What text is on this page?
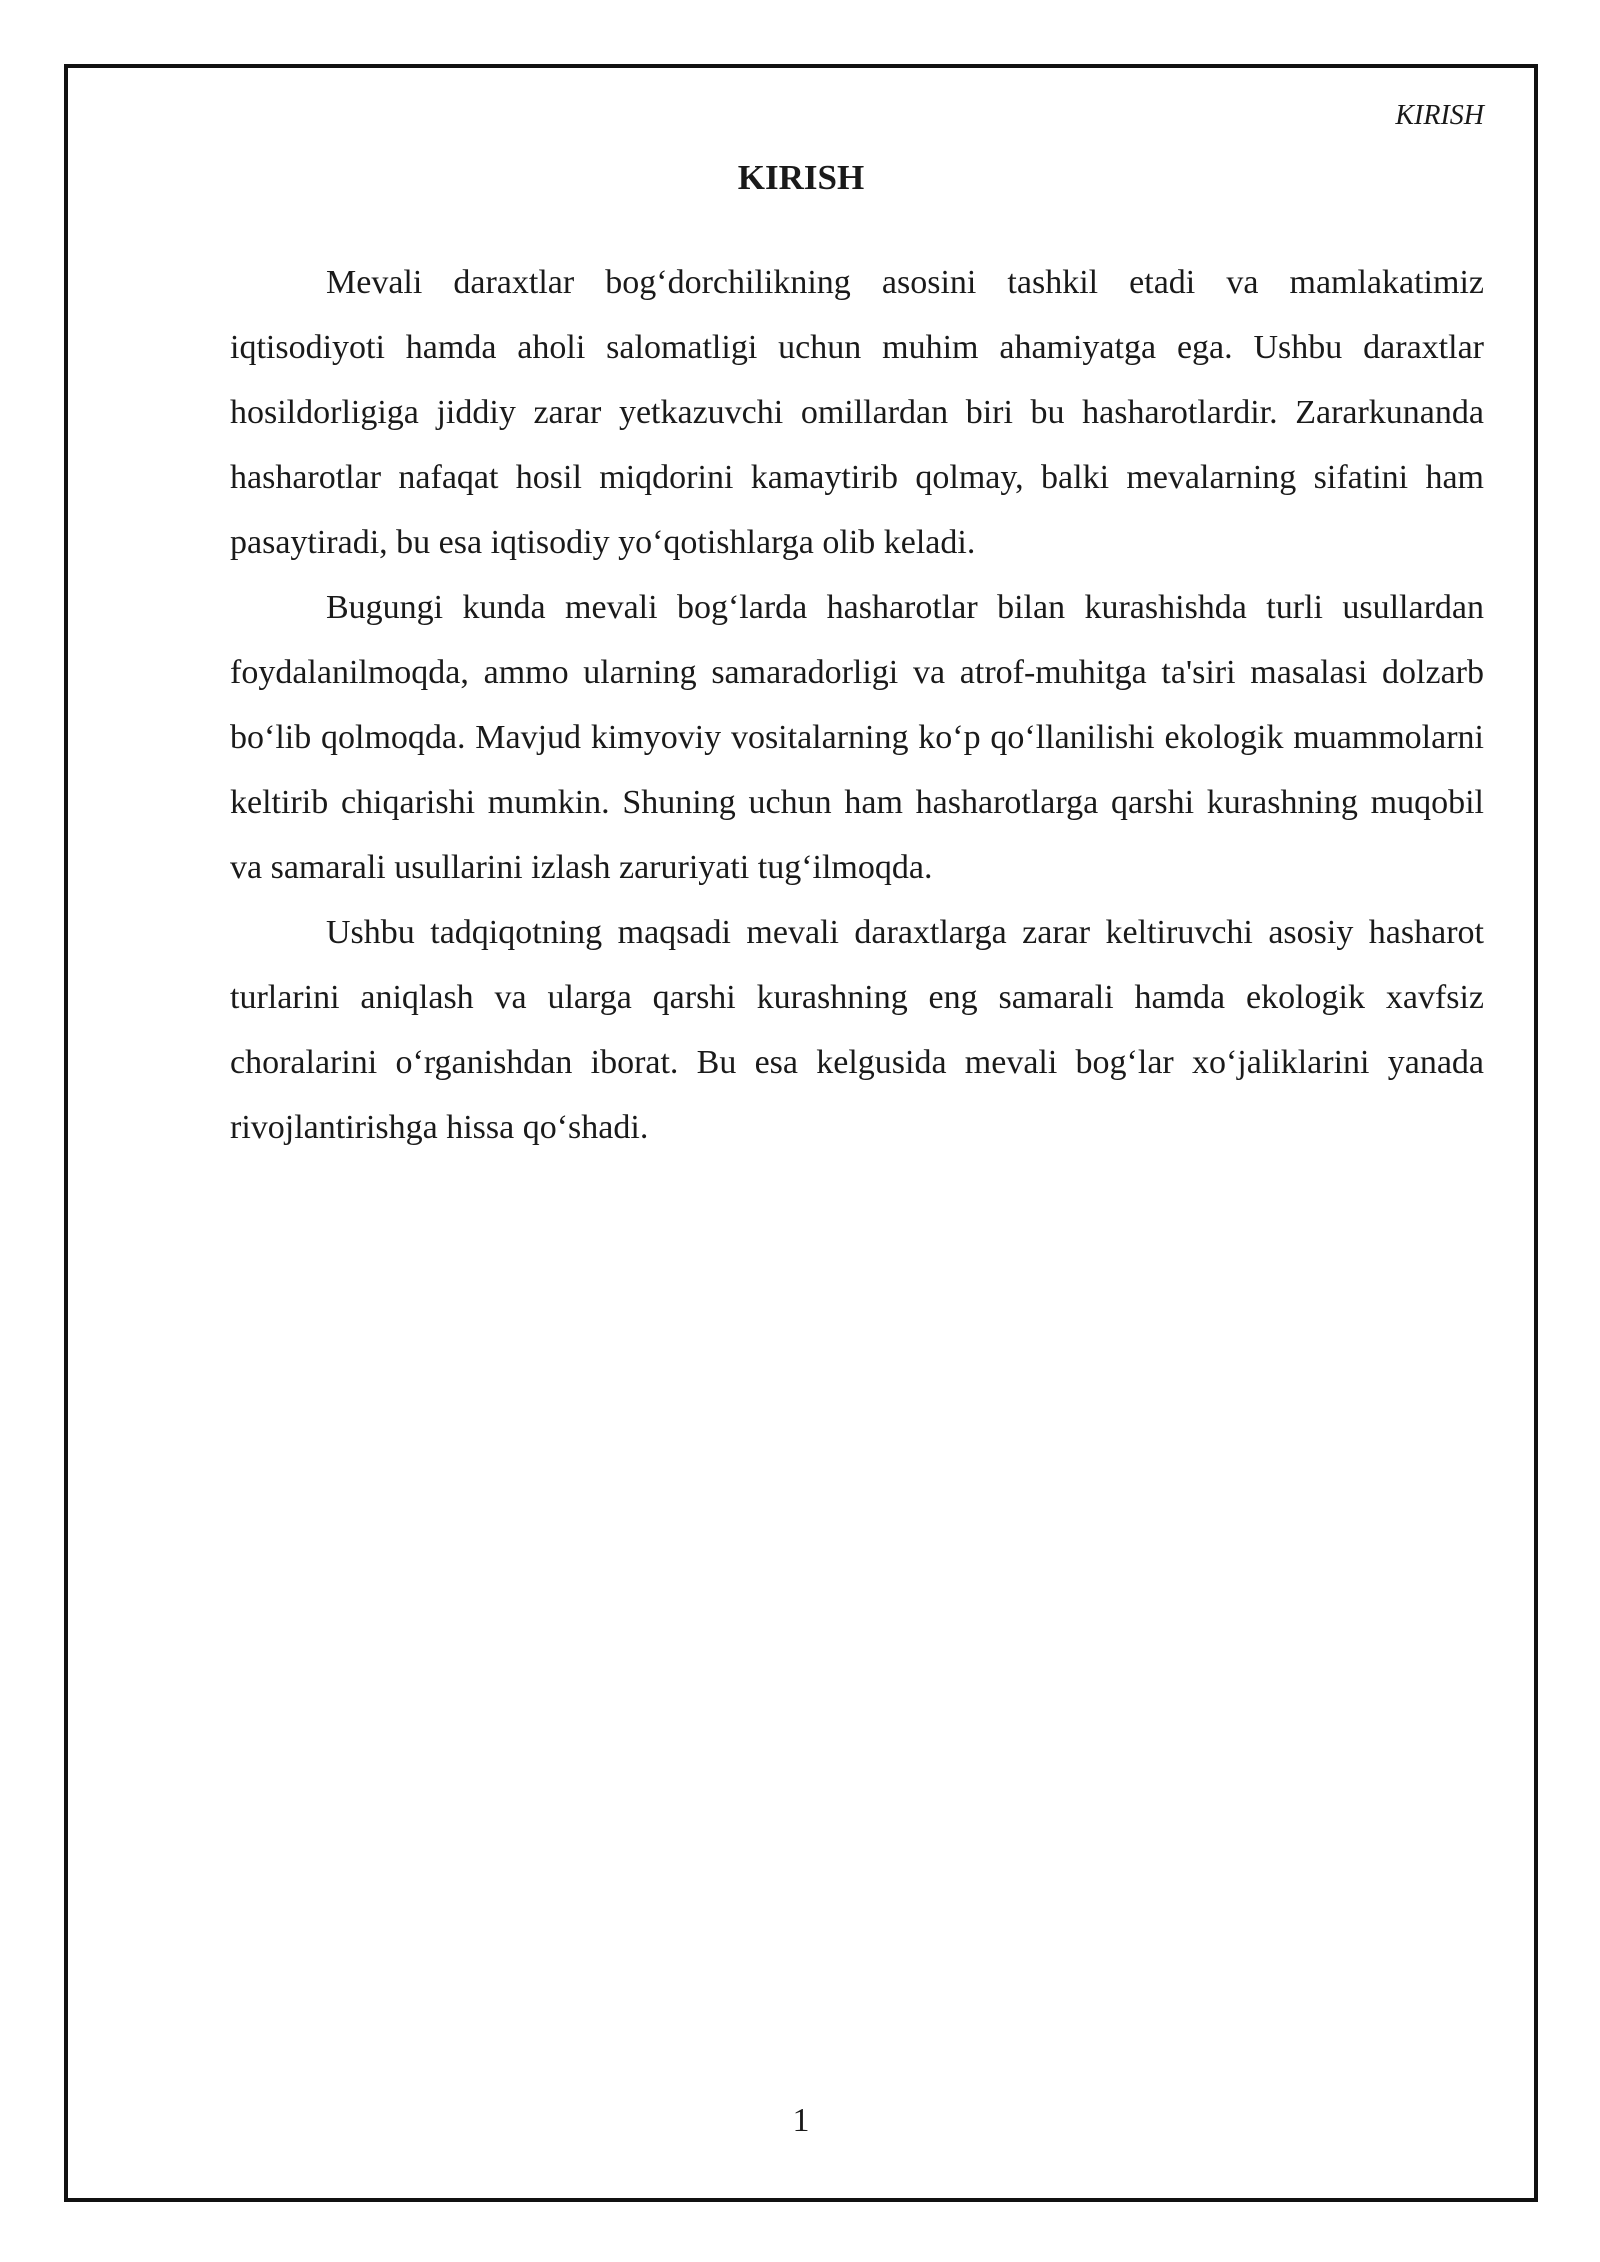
KIRISH
KIRISH

Mevali daraxtlar bog‘dorchilikning asosini tashkil etadi va mamlakatimiz iqtisodiyoti hamda aholi salomatligi uchun muhim ahamiyatga ega. Ushbu daraxtlar hosildorligiga jiddiy zarar yetkazuvchi omillardan biri bu hasharotlardir. Zararkunanda hasharotlar nafaqat hosil miqdorini kamaytirib qolmay, balki mevalarning sifatini ham pasaytiradi, bu esa iqtisodiy yo‘qotishlarga olib keladi.

Bugungi kunda mevali bog‘larda hasharotlar bilan kurashishda turli usullardan foydalanilmoqda, ammo ularning samaradorligi va atrof-muhitga ta'siri masalasi dolzarb bo‘lib qolmoqda. Mavjud kimyoviy vositalarning ko‘p qo‘llanilishi ekologik muammolarni keltirib chiqarishi mumkin. Shuning uchun ham hasharotlarga qarshi kurashning muqobil va samarali usullarini izlash zaruriyati tug‘ilmoqda.

Ushbu tadqiqotning maqsadi mevali daraxtlarga zarar keltiruvchi asosiy hasharot turlarini aniqlash va ularga qarshi kurashning eng samarali hamda ekologik xavfsiz choralarini o‘rganishdan iborat. Bu esa kelgusida mevali bog‘lar xo‘jaliklarini yanada rivojlantirishga hissa qo‘shadi.

1
